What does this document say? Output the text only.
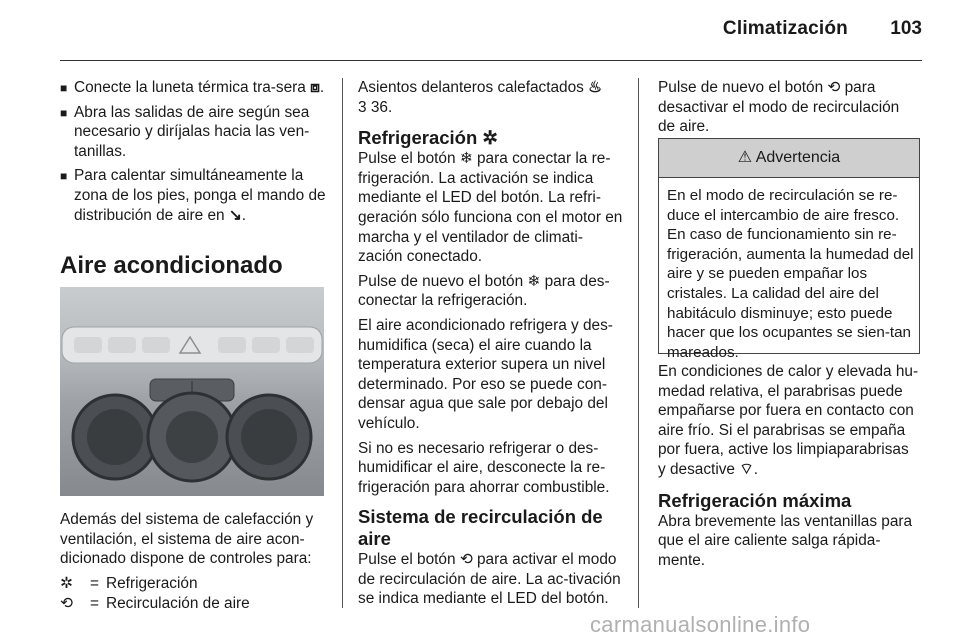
Climatización	103
■ Conecte la luneta térmica tra-sera ⧈.
■ Abra las salidas de aire según sea necesario y diríjalas hacia las ven-tanillas.
■ Para calentar simultáneamente la zona de los pies, ponga el mando de distribución de aire en ↘.
Aire acondicionado

Además del sistema de calefacción y ventilación, el sistema de aire acon-dicionado dispone de controles para:

✲	= Refrigeración
⟲	= Recirculación de aire

Asientos delanteros calefactados ♨

3 36.

Refrigeración ✲

Pulse el botón ❄ para conectar la re-frigeración. La activación se indica mediante el LED del botón. La refri-geración sólo funciona con el motor en marcha y el ventilador de climati-zación conectado.

Pulse de nuevo el botón ❄ para des-conectar la refrigeración.

El aire acondicionado refrigera y des-humidifica (seca) el aire cuando la temperatura exterior supera un nivel determinado. Por eso se puede con-densar agua que sale por debajo del vehículo.

Si no es necesario refrigerar o des-humidificar el aire, desconecte la re-frigeración para ahorrar combustible.

Sistema de recirculación de aire

Pulse el botón ⟲ para activar el modo de recirculación de aire. La ac-tivación se indica mediante el LED del botón.

Pulse de nuevo el botón ⟲ para desactivar el modo de recirculación de aire.

⚠ Advertencia
En el modo de recirculación se re-duce el intercambio de aire fresco. En caso de funcionamiento sin re-frigeración, aumenta la humedad del aire y se pueden empañar los cristales. La calidad del aire del habitáculo disminuye; esto puede hacer que los ocupantes se sien-tan mareados.

En condiciones de calor y elevada hu-medad relativa, el parabrisas puede empañarse por fuera en contacto con aire frío. Si el parabrisas se empaña por fuera, active los limpiaparabrisas y desactive ⌔.

Refrigeración máxima

Abra brevemente las ventanillas para que el aire caliente salga rápida-mente.

carmanualsonline.info
